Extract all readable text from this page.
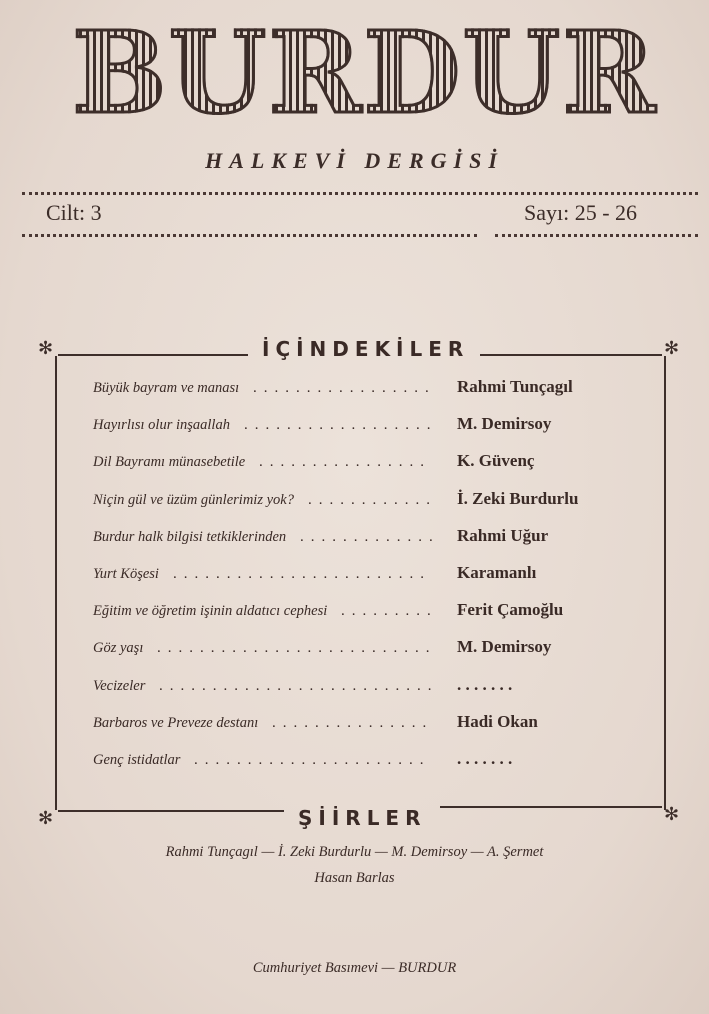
BURDUR
HALKEVİ DERGİSİ
Cilt: 3	Sayı: 25 - 26
✻	✻
İÇİNDEKİLER
Büyük bayram ve manası	Rahmi Tunçagıl
.................
Hayırlısı olur inşaallah	M. Demirsoy
..................
Dil Bayramı münasebetile	K. Güvenç
................
Niçin gül ve üzüm günlerimiz yok?	İ. Zeki Burdurlu
............
Burdur halk bilgisi tetkiklerinden	Rahmi Uğur
.............
Yurt Köşesi	Karamanlı
........................
Eğitim ve öğretim işinin aldatıcı cephesi	Ferit Çamoğlu
.........
Göz yaşı	M. Demirsoy
..........................
Vecizeler	. . . . . . .
..........................
Barbaros ve Preveze destanı	Hadi Okan
...............
Genç istidatlar	. . . . . . .
......................
✻	✻
ŞİİRLER
Rahmi Tunçagıl — İ. Zeki Burdurlu — M. Demirsoy — A. Şermet
Hasan Barlas
Cumhuriyet Basımevi — BURDUR
